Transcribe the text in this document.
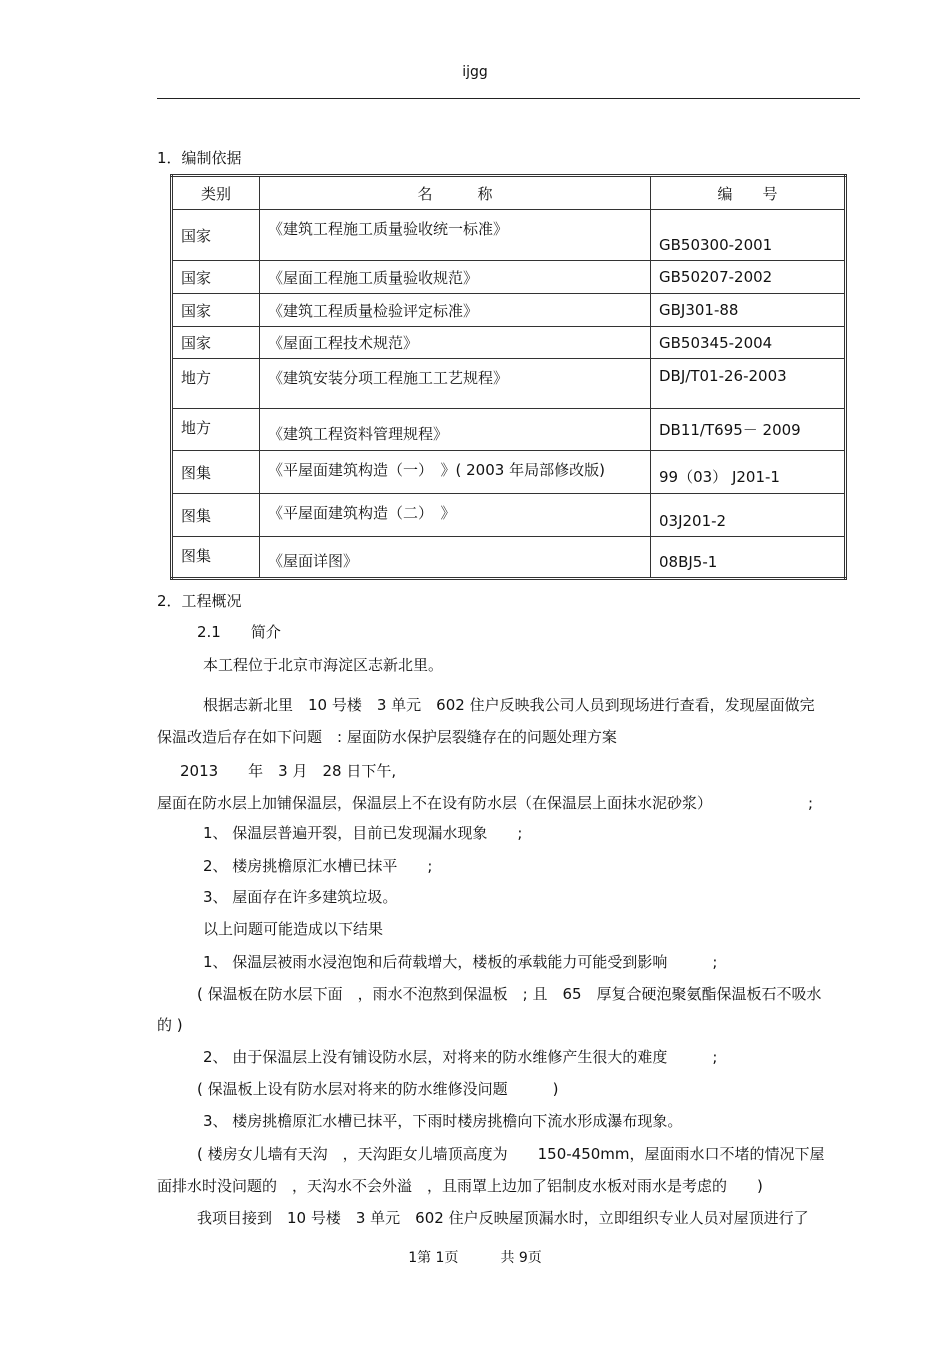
ijgg
1．编制依据
类别	名　　　称	编　　号
国家	《建筑工程施工质量验收统一标准》	GB50300-2001
国家	《屋面工程施工质量验收规范》	GB50207-2002
国家	《建筑工程质量检验评定标准》	GBJ301-88
国家	《屋面工程技术规范》	GB50345-2004
地方	《建筑安装分项工程施工工艺规程》	DBJ/T01-26-2003
地方	《建筑工程资料管理规程》	DB11/T695－ 2009
图集	《平屋面建筑构造（一）　》( 2003 年局部修改版)	99（03） J201-1
图集	《平屋面建筑构造（二）　》	03J201-2
图集	《屋面详图》	08BJ5-1
2．工程概况
2.1　　简介
本工程位于北京市海淀区志新北里。
根据志新北里　10 号楼　3 单元　602 住户反映我公司人员到现场进行查看，发现屋面做完
保温改造后存在如下问题　: 屋面防水保护层裂缝存在的问题处理方案
2013　　年　3 月　28 日下午,
屋面在防水层上加铺保温层，保温层上不在设有防水层（在保温层上面抹水泥砂浆）	;
1、 保温层普遍开裂，目前已发现漏水现象　　;
2、 楼房挑檐原汇水槽已抹平　　;
3、 屋面存在许多建筑垃圾。
以上问题可能造成以下结果
1、 保温层被雨水浸泡饱和后荷载增大，楼板的承载能力可能受到影响　　　;
( 保温板在防水层下面　，雨水不泡熬到保温板　; 且　65　厚复合硬泡聚氨酯保温板石不吸水
的 )
2、 由于保温层上没有铺设防水层，对将来的防水维修产生很大的难度　　　;
( 保温板上设有防水层对将来的防水维修没问题　　　)
3、 楼房挑檐原汇水槽已抹平，下雨时楼房挑檐向下流水形成瀑布现象。
( 楼房女儿墙有天沟　，天沟距女儿墙顶高度为　　150-450mm，屋面雨水口不堵的情况下屋
面排水时没问题的　，天沟水不会外溢　，且雨罩上边加了铝制皮水板对雨水是考虑的　　)
我项目接到　10 号楼　3 单元　602 住户反映屋顶漏水时，立即组织专业人员对屋顶进行了
1第 1页　　　共 9页
